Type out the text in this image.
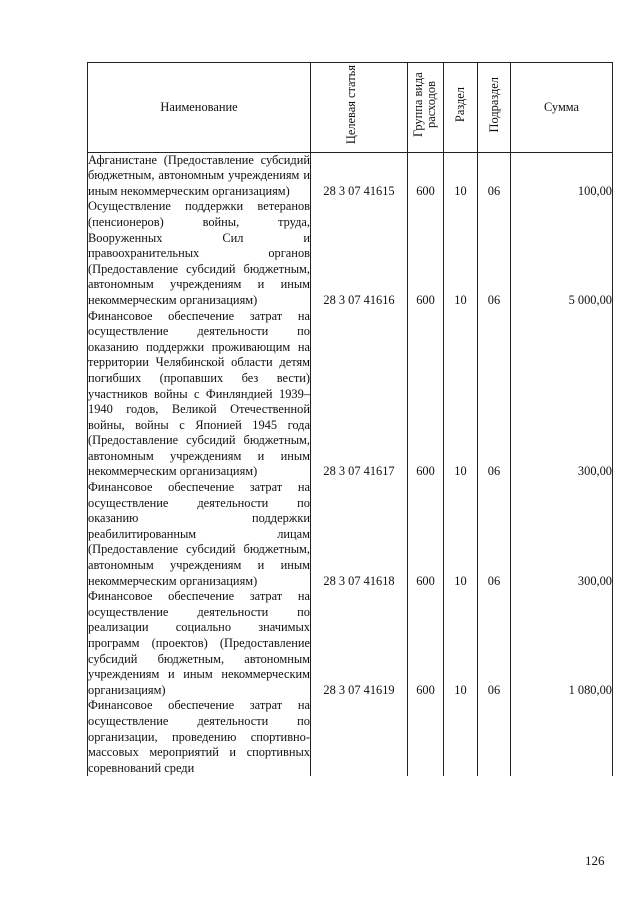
Наименование	Целевая статья	Группа вида расходов	Раздел	Подраздел	Сумма
Афганистане (Предоставление субсидий бюджетным, автономным учреждениям и иным некоммерческим организациям)	28 3 07 41615	600	10	06	100,00
Осуществление поддержки ветеранов (пенсионеров) войны, труда, Вооруженных Сил и правоохранительных органов (Предоставление субсидий бюджетным, автономным учреждениям и иным некоммерческим организациям)	28 3 07 41616	600	10	06	5 000,00
Финансовое обеспечение затрат на осуществление деятельности по оказанию поддержки проживающим на территории Челябинской области детям погибших (пропавших без вести) участников войны с Финляндией 1939–1940 годов, Великой Отечественной войны, войны с Японией 1945 года (Предоставление субсидий бюджетным, автономным учреждениям и иным некоммерческим организациям)	28 3 07 41617	600	10	06	300,00
Финансовое обеспечение затрат на осуществление деятельности по оказанию поддержки реабилитированным лицам (Предоставление субсидий бюджетным, автономным учреждениям и иным некоммерческим организациям)	28 3 07 41618	600	10	06	300,00
Финансовое обеспечение затрат на осуществление деятельности по реализации социально значимых программ (проектов) (Предоставление субсидий бюджетным, автономным учреждениям и иным некоммерческим организациям)	28 3 07 41619	600	10	06	1 080,00
Финансовое обеспечение затрат на осуществление деятельности по организации, проведению спортивно-массовых мероприятий и спортивных соревнований среди					
126
